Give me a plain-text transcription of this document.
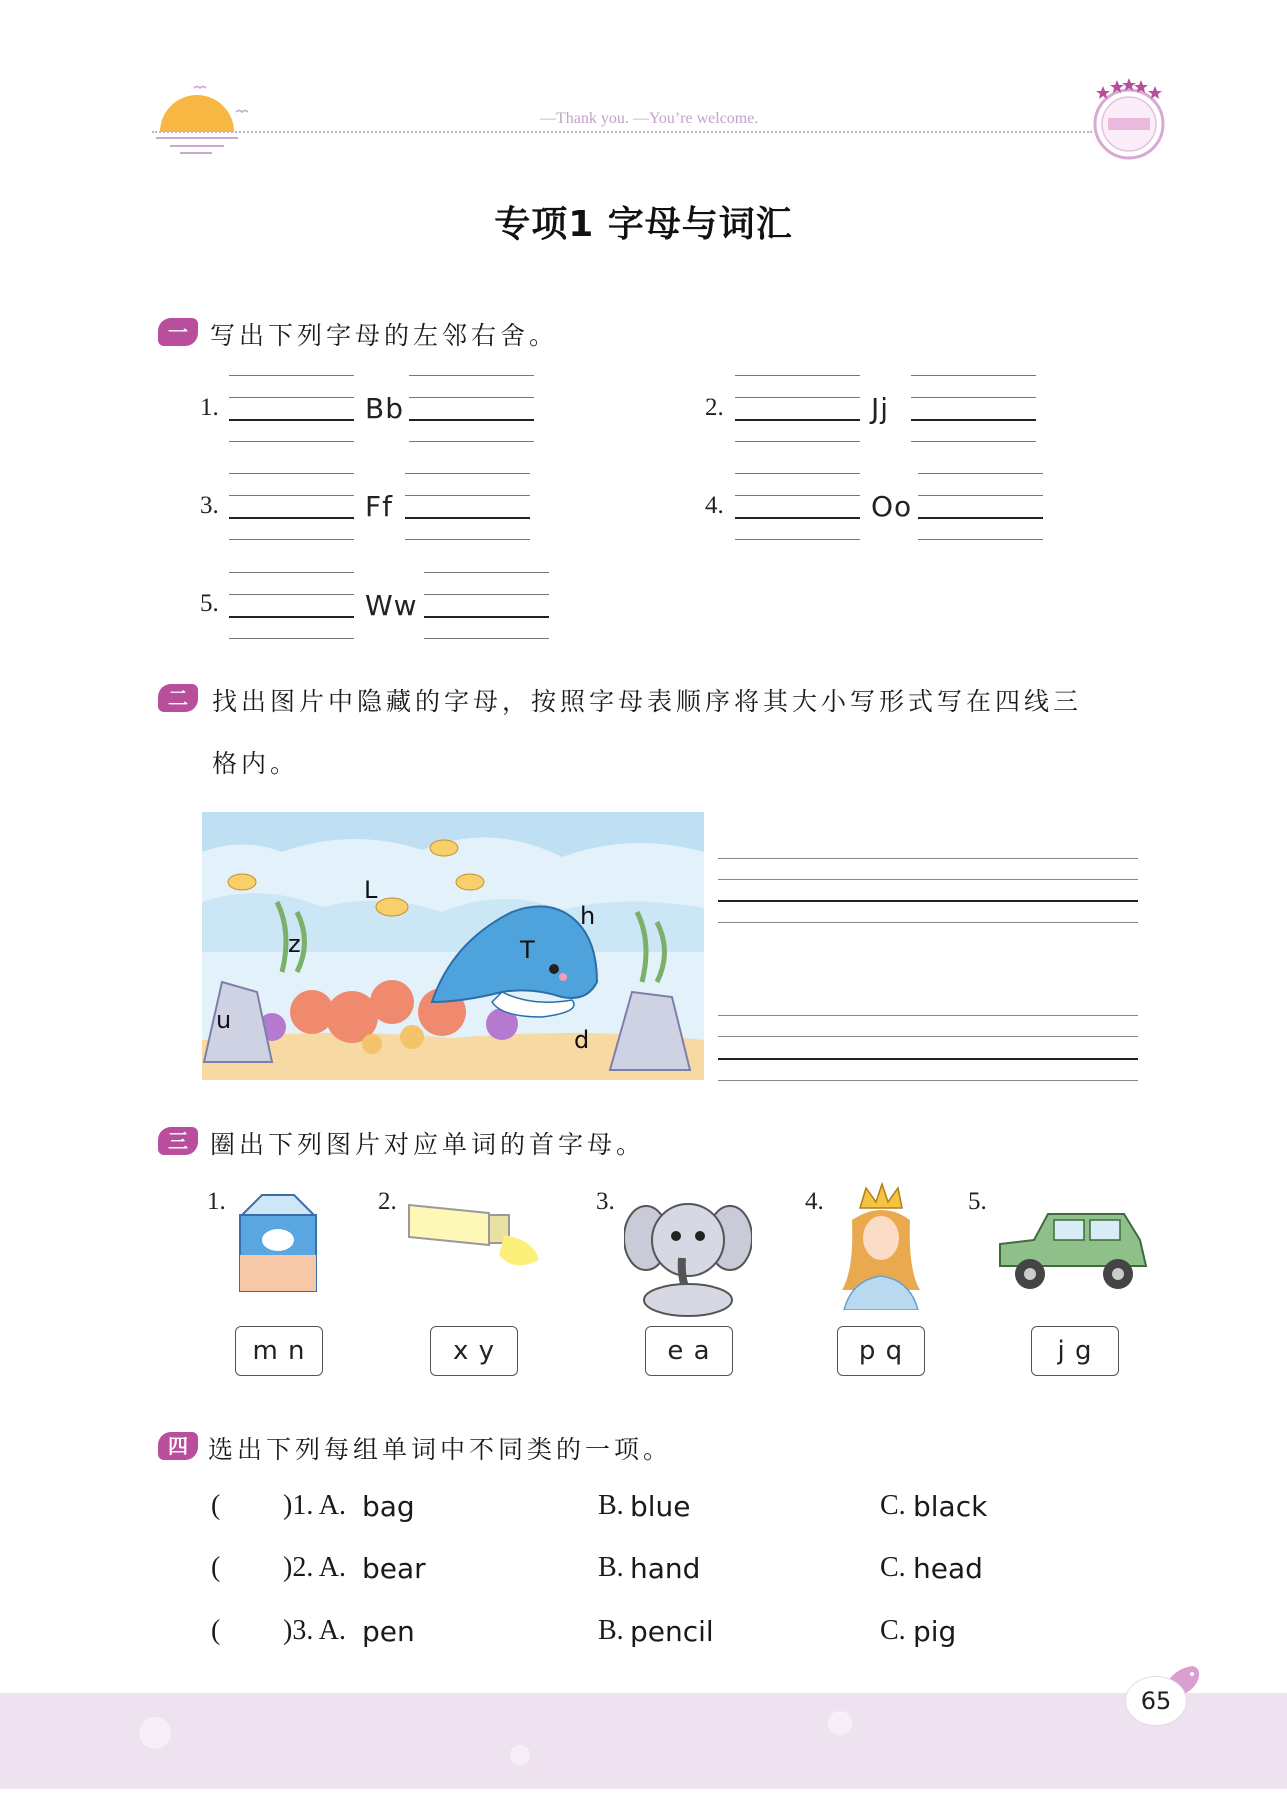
—Thank you. —You’re welcome.
专项1 字母与词汇
一 写出下列字母的左邻右舍。
1.	Bb	2.	Jj
3.	Ff	4.	Oo
5.	Ww
二 找出图片中隐藏的字母，按照字母表顺序将其大小写形式写在四线三
格内。
L
h
z	T
u
d
三 圈出下列图片对应单词的首字母。
1.	2.	3.	4.	5.
m n	x y	e a	p q	j g
四 选出下列每组单词中不同类的一项。
( )1. A. bag	B. blue	C. black
( )2. A. bear	B. hand	C. head
( )3. A. pen	B. pencil	C. pig
65
